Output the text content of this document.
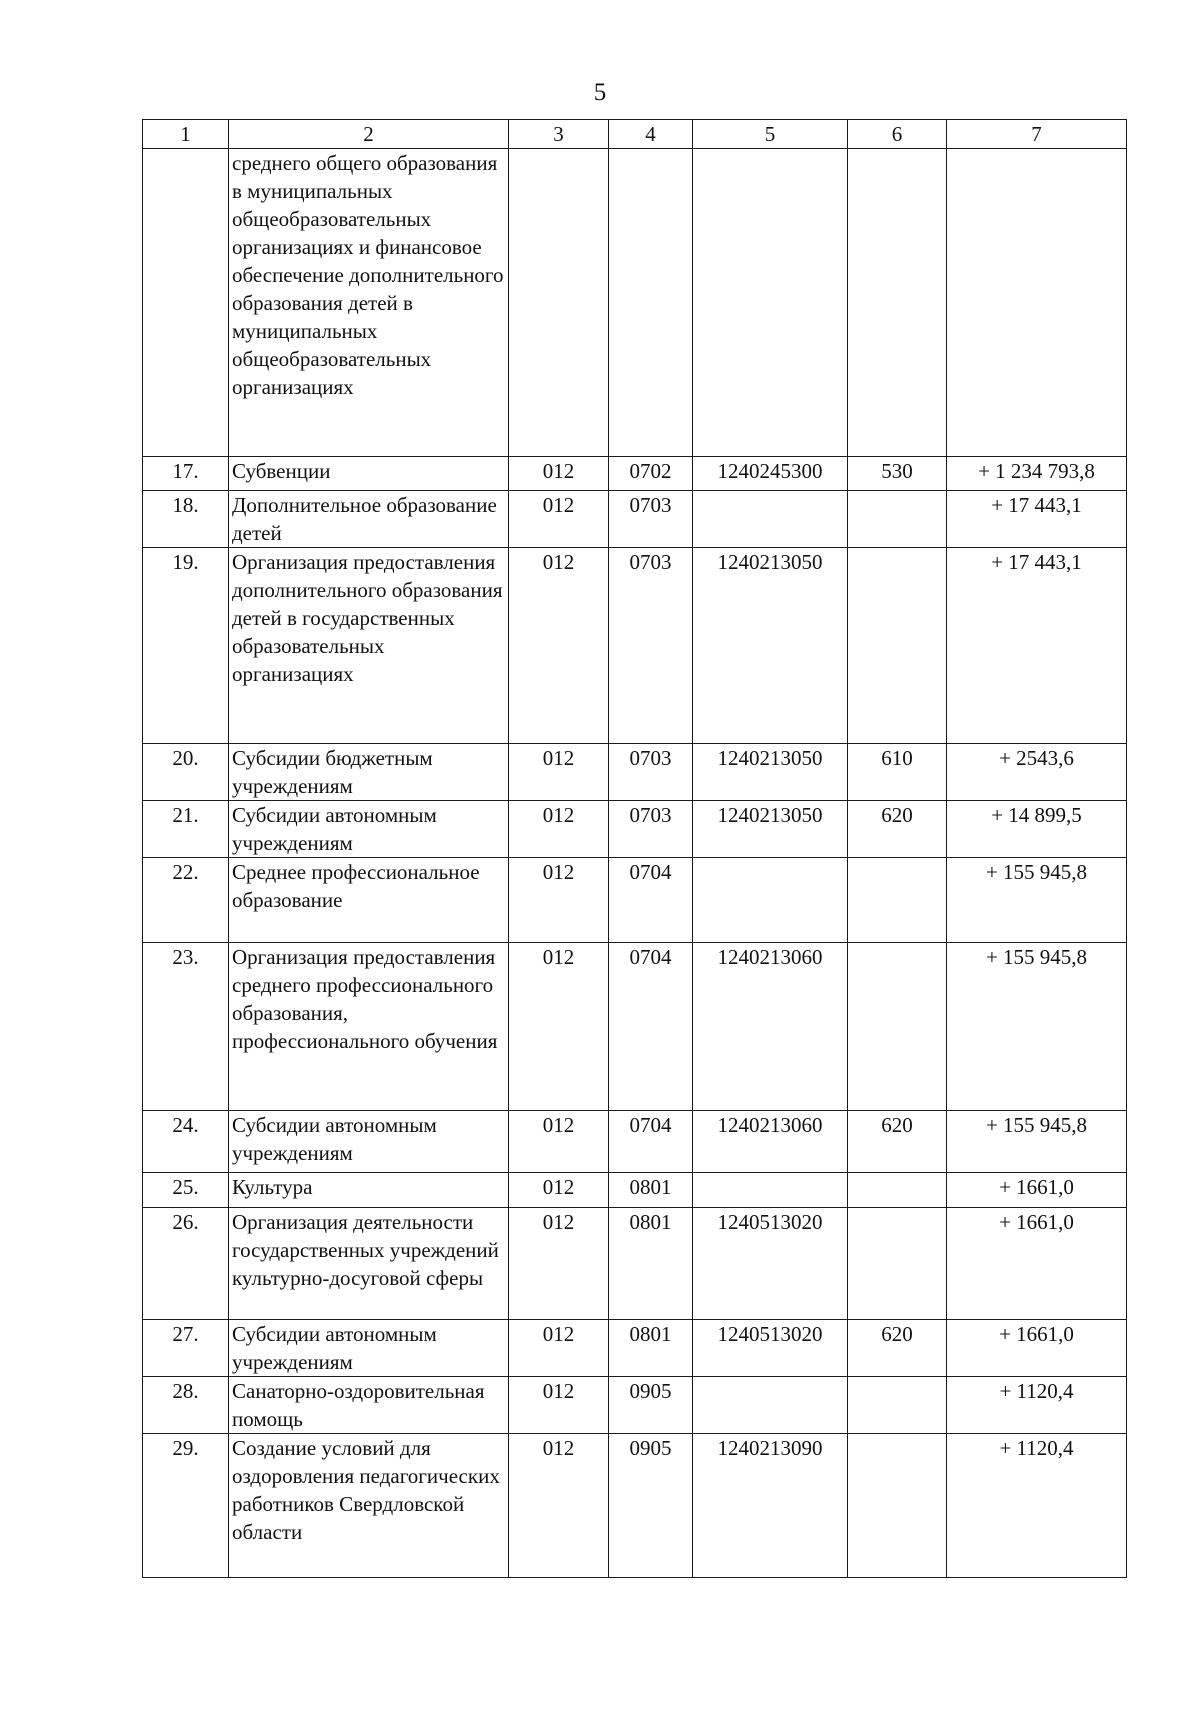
5
1	2	3	4	5	6	7
	среднего общего образования в муниципальных общеобразовательных организациях и финансовое обеспечение дополнительного образования детей в муниципальных общеобразовательных организациях					
17.	Субвенции	012	0702	1240245300	530	+ 1 234 793,8
18.	Дополнительное образование детей	012	0703			+ 17 443,1
19.	Организация предоставления дополнительного образования детей в государственных образовательных организациях	012	0703	1240213050		+ 17 443,1
20.	Субсидии бюджетным учреждениям	012	0703	1240213050	610	+ 2543,6
21.	Субсидии автономным учреждениям	012	0703	1240213050	620	+ 14 899,5
22.	Среднее профессиональное образование	012	0704			+ 155 945,8
23.	Организация предоставления среднего профессионального образования, профессионального обучения	012	0704	1240213060		+ 155 945,8
24.	Субсидии автономным учреждениям	012	0704	1240213060	620	+ 155 945,8
25.	Культура	012	0801			+ 1661,0
26.	Организация деятельности государственных учреждений культурно-досуговой сферы	012	0801	1240513020		+ 1661,0
27.	Субсидии автономным учреждениям	012	0801	1240513020	620	+ 1661,0
28.	Санаторно-оздоровительная помощь	012	0905			+ 1120,4
29.	Создание условий для оздоровления педагогических работников Свердловской области	012	0905	1240213090		+ 1120,4
